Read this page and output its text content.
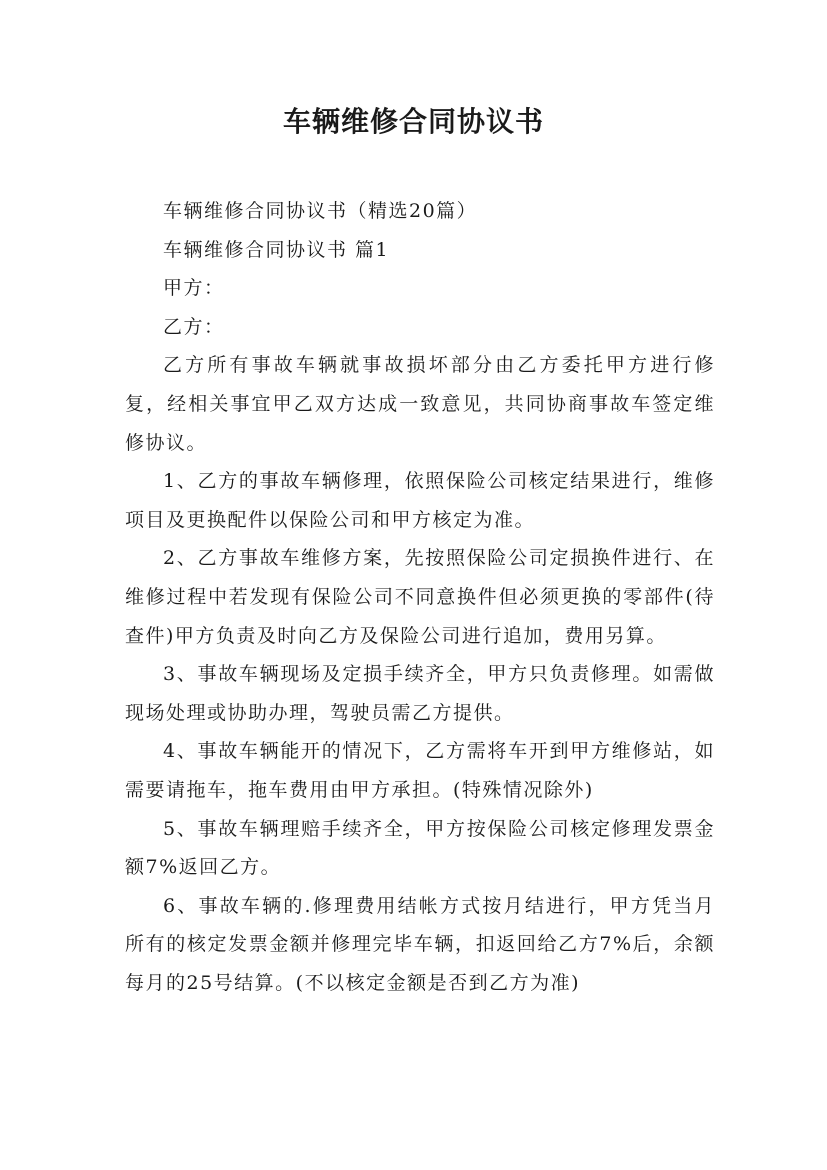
车辆维修合同协议书

车辆维修合同协议书（精选20篇）

车辆维修合同协议书 篇1

甲方：

乙方：

乙方所有事故车辆就事故损坏部分由乙方委托甲方进行修复，经相关事宜甲乙双方达成一致意见，共同协商事故车签定维修协议。

1、乙方的事故车辆修理，依照保险公司核定结果进行，维修项目及更换配件以保险公司和甲方核定为准。

2、乙方事故车维修方案，先按照保险公司定损换件进行、在维修过程中若发现有保险公司不同意换件但必须更换的零部件(待查件)甲方负责及时向乙方及保险公司进行追加，费用另算。

3、事故车辆现场及定损手续齐全，甲方只负责修理。如需做现场处理或协助办理，驾驶员需乙方提供。

4、事故车辆能开的情况下，乙方需将车开到甲方维修站，如需要请拖车，拖车费用由甲方承担。(特殊情况除外)

5、事故车辆理赔手续齐全，甲方按保险公司核定修理发票金额7%返回乙方。

6、事故车辆的.修理费用结帐方式按月结进行，甲方凭当月所有的核定发票金额并修理完毕车辆，扣返回给乙方7%后，余额每月的25号结算。(不以核定金额是否到乙方为准)
